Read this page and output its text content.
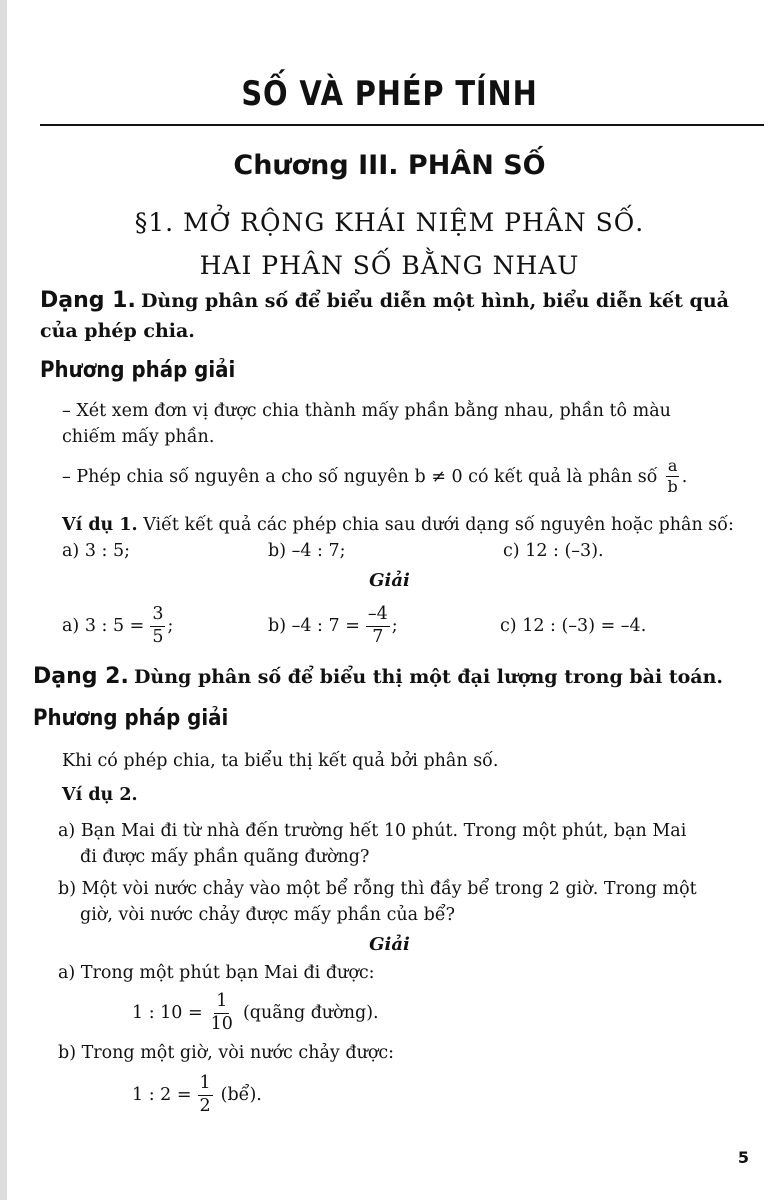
SỐ VÀ PHÉP TÍNH
Chương III. PHÂN SỐ
§1. MỞ RỘNG KHÁI NIỆM PHÂN SỐ.
HAI PHÂN SỐ BẰNG NHAU
Dạng 1. Dùng phân số để biểu diễn một hình, biểu diễn kết quả
của phép chia.
Phương pháp giải
– Xét xem đơn vị được chia thành mấy phần bằng nhau, phần tô màu
chiếm mấy phần.
– Phép chia số nguyên a cho số nguyên b ≠ 0 có kết quả là phân số $\frac{a}{b}$ .
Ví dụ 1. Viết kết quả các phép chia sau dưới dạng số nguyên hoặc phân số:
a) 3 : 5;	b) –4 : 7;	c) 12 : (–3).
Giải
a) 3 : $5 = \frac{3}{5}$ ;	b) –4 : $7 = \frac{-4}{7}$ ;	c) 12 : (–3) = –4.
Dạng 2. Dùng phân số để biểu thị một đại lượng trong bài toán.
Phương pháp giải
Khi có phép chia, ta biểu thị kết quả bởi phân số.
Ví dụ 2.
a) Bạn Mai đi từ nhà đến trường hết 10 phút. Trong một phút, bạn Mai
đi được mấy phần quãng đường?
b) Một vòi nước chảy vào một bể rỗng thì đầy bể trong 2 giờ. Trong một
giờ, vòi nước chảy được mấy phần của bể?
Giải
a) Trong một phút bạn Mai đi được:
1 : $10 = \frac{1}{10}$ (quãng đường).
b) Trong một giờ, vòi nước chảy được:
1 : $2 = \frac{1}{2}$ (bể).
5
